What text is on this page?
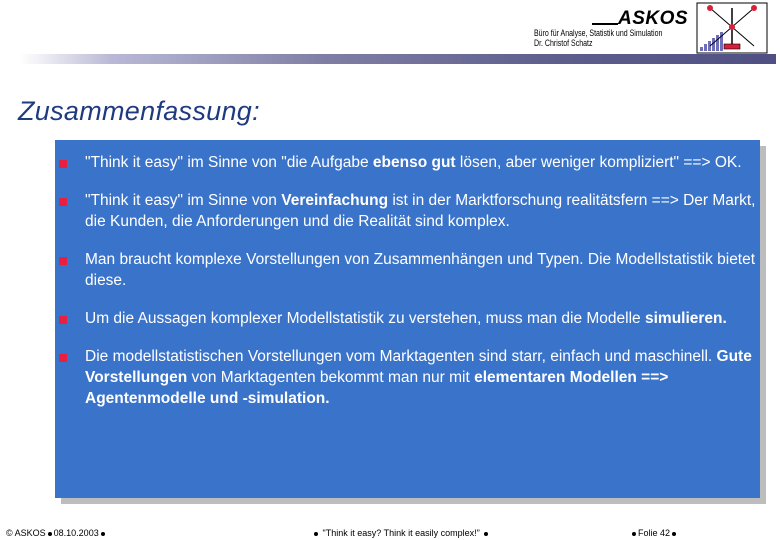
ASKOS
Büro für Analyse, Statistik und Simulation
Dr. Christof Schatz
Zusammenfassung:
"Think it easy" im Sinne von "die Aufgabe ebenso gut lösen, aber weniger kompliziert" ==> OK.
"Think it easy" im Sinne von Vereinfachung ist in der Marktforschung realitätsfern ==> Der Markt, die Kunden, die Anforderungen und die Realität sind komplex.
Man braucht komplexe Vorstellungen von Zusammenhängen und Typen. Die Modellstatistik bietet diese.
Um die Aussagen komplexer Modellstatistik zu verstehen, muss man die Modelle simulieren.
Die modellstatistischen Vorstellungen vom Marktagenten sind starr, einfach und maschinell. Gute Vorstellungen von Marktagenten bekommt man nur mit elementaren Modellen ==> Agentenmodelle und -simulation.
© ASKOS 08.10.2003	"Think it easy? Think it easily complex!"	Folie 42
